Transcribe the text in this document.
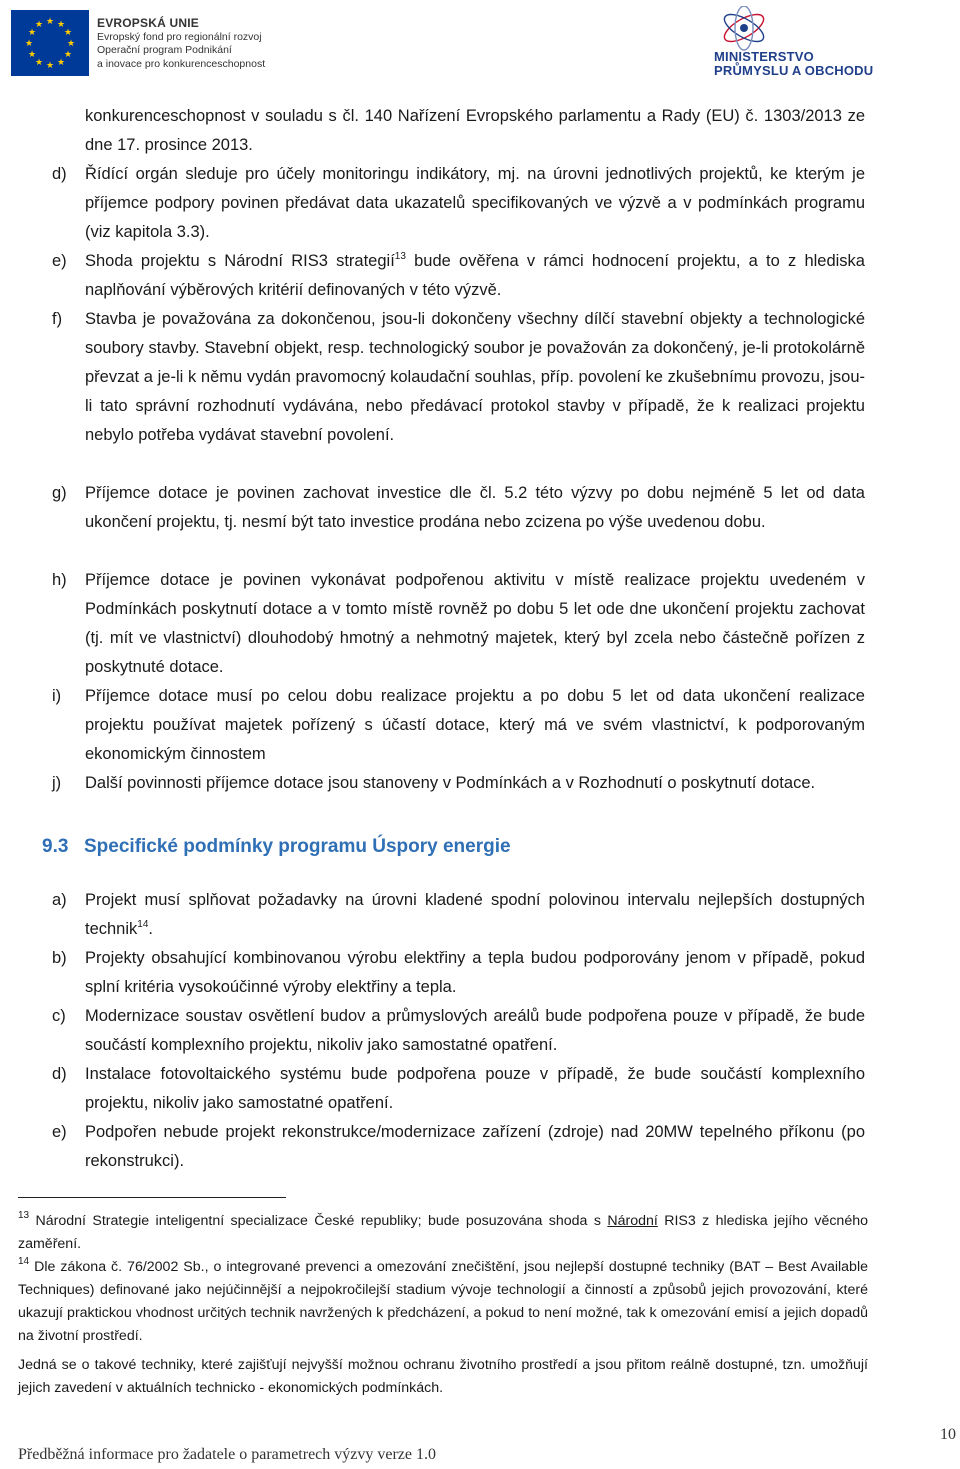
★ ★
★
★
★
★
★
★
★
★
★
★	EVROPSKÁ UNIE
Evropský fond pro regionální rozvoj
Operační program Podnikání
a inovace pro konkurenceschopnost	MINISTERSTVO
PRŮMYSLU A OBCHODU
konkurenceschopnost v souladu s čl. 140 Nařízení Evropského parlamentu a Rady (EU) č. 1303/2013 ze dne 17. prosince 2013.
d) Řídící orgán sleduje pro účely monitoringu indikátory, mj. na úrovni jednotlivých projektů, ke kterým je příjemce podpory povinen předávat data ukazatelů specifikovaných ve výzvě a v podmínkách programu (viz kapitola 3.3).
e) Shoda projektu s Národní RIS3 strategií$^{13}$ bude ověřena v rámci hodnocení projektu, a to z hlediska naplňování výběrových kritérií definovaných v této výzvě.
f) Stavba je považována za dokončenou, jsou-li dokončeny všechny dílčí stavební objekty a technologické soubory stavby. Stavební objekt, resp. technologický soubor je považován za dokončený, je-li protokolárně převzat a je-li k němu vydán pravomocný kolaudační souhlas, příp. povolení ke zkušebnímu provozu, jsou-li tato správní rozhodnutí vydávána, nebo předávací protokol stavby v případě, že k realizaci projektu nebylo potřeba vydávat stavební povolení.
g) Příjemce dotace je povinen zachovat investice dle čl. 5.2 této výzvy po dobu nejméně 5 let od data ukončení projektu, tj. nesmí být tato investice prodána nebo zcizena po výše uvedenou dobu.
h) Příjemce dotace je povinen vykonávat podpořenou aktivitu v místě realizace projektu uvedeném v Podmínkách poskytnutí dotace a v tomto místě rovněž po dobu 5 let ode dne ukončení projektu zachovat (tj. mít ve vlastnictví) dlouhodobý hmotný a nehmotný majetek, který byl zcela nebo částečně pořízen z poskytnuté dotace.
i) Příjemce dotace musí po celou dobu realizace projektu a po dobu 5 let od data ukončení realizace projektu používat majetek pořízený s účastí dotace, který má ve svém vlastnictví, k podporovaným ekonomickým činnostem
j) Další povinnosti příjemce dotace jsou stanoveny v Podmínkách a v Rozhodnutí o poskytnutí dotace.
9.3 Specifické podmínky programu Úspory energie
a) Projekt musí splňovat požadavky na úrovni kladené spodní polovinou intervalu nejlepších dostupných technik$^{14}$.
b) Projekty obsahující kombinovanou výrobu elektřiny a tepla budou podporovány jenom v případě, pokud splní kritéria vysokoúčinné výroby elektřiny a tepla.
c) Modernizace soustav osvětlení budov a průmyslových areálů bude podpořena pouze v případě, že bude součástí komplexního projektu, nikoliv jako samostatné opatření.
d) Instalace fotovoltaického systému bude podpořena pouze v případě, že bude součástí komplexního projektu, nikoliv jako samostatné opatření.
e) Podpořen nebude projekt rekonstrukce/modernizace zařízení (zdroje) nad 20MW tepelného příkonu (po rekonstrukci).

$^{13}$ Národní Strategie inteligentní specializace České republiky; bude posuzována shoda s Národní RIS3 z hlediska jejího věcného zaměření.

$^{14}$ Dle zákona č. 76/2002 Sb., o integrované prevenci a omezování znečištění, jsou nejlepší dostupné techniky (BAT – Best Available Techniques) definované jako nejúčinnější a nejpokročilejší stadium vývoje technologií a činností a způsobů jejich provozování, které ukazují praktickou vhodnost určitých technik navržených k předcházení, a pokud to není možné, tak k omezování emisí a jejich dopadů na životní prostředí.

Jedná se o takové techniky, které zajišťují nejvyšší možnou ochranu životního prostředí a jsou přitom reálně dostupné, tzn. umožňují jejich zavedení v aktuálních technicko - ekonomických podmínkách.

Předběžná informace pro žadatele o parametrech výzvy verze 1.0
10
